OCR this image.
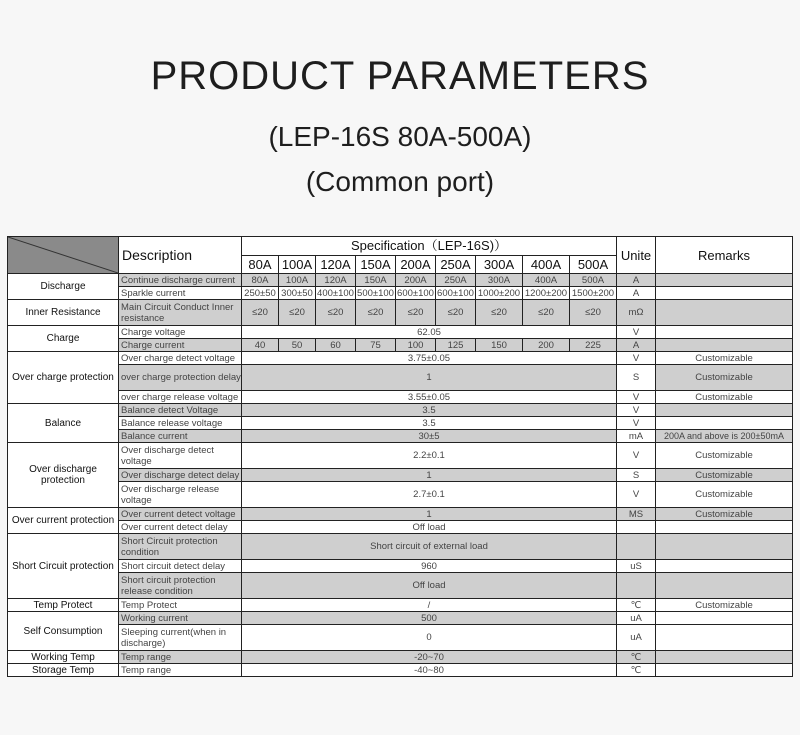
PRODUCT PARAMETERS
(LEP-16S 80A-500A)
(Common port)
	Description	Specification（LEP-16S)）									Unite	Remarks
		80A	100A	120A	150A	200A	250A	300A	400A	500A		
Discharge	Continue discharge current	80A	100A	120A	150A	200A	250A	300A	400A	500A	A	
	Sparkle current	250±50	300±50	400±100	500±100	600±100	600±100	1000±200	1200±200	1500±200	A	
Inner Resistance	Main Circuit Conduct Inner resistance	≤20	≤20	≤20	≤20	≤20	≤20	≤20	≤20	≤20	mΩ	
Charge	Charge voltage	62.05									V	
	Charge current	40	50	60	75	100	125	150	200	225	A	
Over charge protection	Over charge detect voltage	3.75±0.05									V	Customizable
	over charge protection delay	1									S	Customizable
	over charge release voltage	3.55±0.05									V	Customizable
Balance	Balance detect Voltage	3.5									V	
	Balance release voltage	3.5									V	
	Balance current	30±5									mA	200A and above is 200±50mA
Over discharge protection	Over discharge detect voltage	2.2±0.1									V	Customizable
	Over discharge detect delay	1									S	Customizable
	Over discharge release voltage	2.7±0.1									V	Customizable
Over current protection	Over current detect voltage	1									MS	Customizable
	Over current detect delay	Off load										
Short Circuit protection	Short Circuit protection condition	Short circuit of external load										
	Short circuit detect delay	960									uS	
	Short circuit protection release condition	Off load										
Temp Protect	Temp Protect	/									℃	Customizable
Self Consumption	Working current	500									uA	
	Sleeping current(when in discharge)	0									uA	
Working Temp	Temp range	-20~70									℃	
Storage Temp	Temp range	-40~80									℃	
